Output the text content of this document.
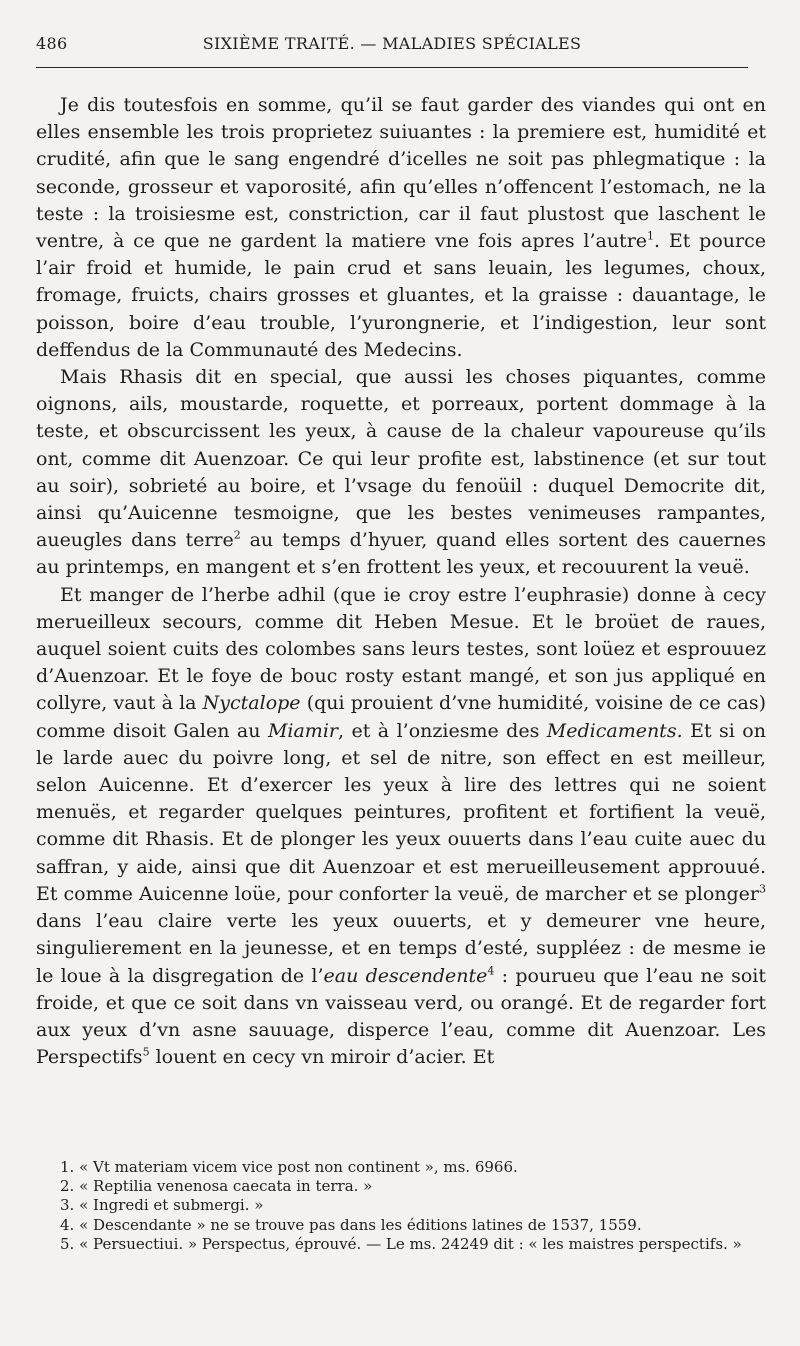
486	SIXIÈME TRAITÉ. — MALADIES SPÉCIALES

Je dis toutesfois en somme, qu’il se faut garder des viandes qui ont en elles ensemble les trois proprietez suiuantes : la premiere est, humidité et crudité, afin que le sang engendré d’icelles ne soit pas phlegmatique : la seconde, grosseur et vaporosité, afin qu’elles n’offencent l’estomach, ne la teste : la troisiesme est, constriction, car il faut plustost que laschent le ventre, à ce que ne gardent la matiere vne fois apres l’autre$^1$. Et pource l’air froid et humide, le pain crud et sans leuain, les legumes, choux, fromage, fruicts, chairs grosses et gluantes, et la graisse : dauantage, le poisson, boire d’eau trouble, l’yurongnerie, et l’indigestion, leur sont deffendus de la Communauté des Medecins.

Mais Rhasis dit en special, que aussi les choses piquantes, comme oignons, ails, moustarde, roquette, et porreaux, portent dommage à la teste, et obscurcissent les yeux, à cause de la chaleur vapoureuse qu’ils ont, comme dit Auenzoar. Ce qui leur profite est, labstinence (et sur tout au soir), sobrieté au boire, et l’vsage du fenoüil : duquel Democrite dit, ainsi qu’Auicenne tesmoigne, que les bestes venimeuses rampantes, aueugles dans terre$^2$ au temps d’hyuer, quand elles sortent des cauernes au printemps, en mangent et s’en frottent les yeux, et recouurent la veuë.

Et manger de l’herbe adhil (que ie croy estre l’euphrasie) donne à cecy merueilleux secours, comme dit Heben Mesue. Et le broüet de raues, auquel soient cuits des colombes sans leurs testes, sont loüez et esprouuez d’Auenzoar. Et le foye de bouc rosty estant mangé, et son jus appliqué en collyre, vaut à la Nyctalope (qui prouient d’vne humidité, voisine de ce cas) comme disoit Galen au Miamir, et à l’onziesme des Medicaments. Et si on le larde auec du poivre long, et sel de nitre, son effect en est meilleur, selon Auicenne. Et d’exercer les yeux à lire des lettres qui ne soient menuës, et regarder quelques peintures, profitent et fortifient la veuë, comme dit Rhasis. Et de plonger les yeux ouuerts dans l’eau cuite auec du saffran, y aide, ainsi que dit Auenzoar et est merueilleusement approuué. Et comme Auicenne loüe, pour conforter la veuë, de marcher et se plonger$^3$ dans l’eau claire verte les yeux ouuerts, et y demeurer vne heure, singulierement en la jeunesse, et en temps d’esté, suppléez : de mesme ie le loue à la disgregation de l’eau descendente$^4$ : pourueu que l’eau ne soit froide, et que ce soit dans vn vaisseau verd, ou orangé. Et de regarder fort aux yeux d’vn asne sauuage, disperce l’eau, comme dit Auenzoar. Les Perspectifs$^5$ louent en cecy vn miroir d’acier. Et

1. « Vt materiam vicem vice post non continent », ms. 6966.

2. « Reptilia venenosa caecata in terra. »

3. « Ingredi et submergi. »

4. « Descendante » ne se trouve pas dans les éditions latines de 1537, 1559.

5. « Persuectiui. » Perspectus, éprouvé. — Le ms. 24249 dit : « les maistres perspectifs. »
